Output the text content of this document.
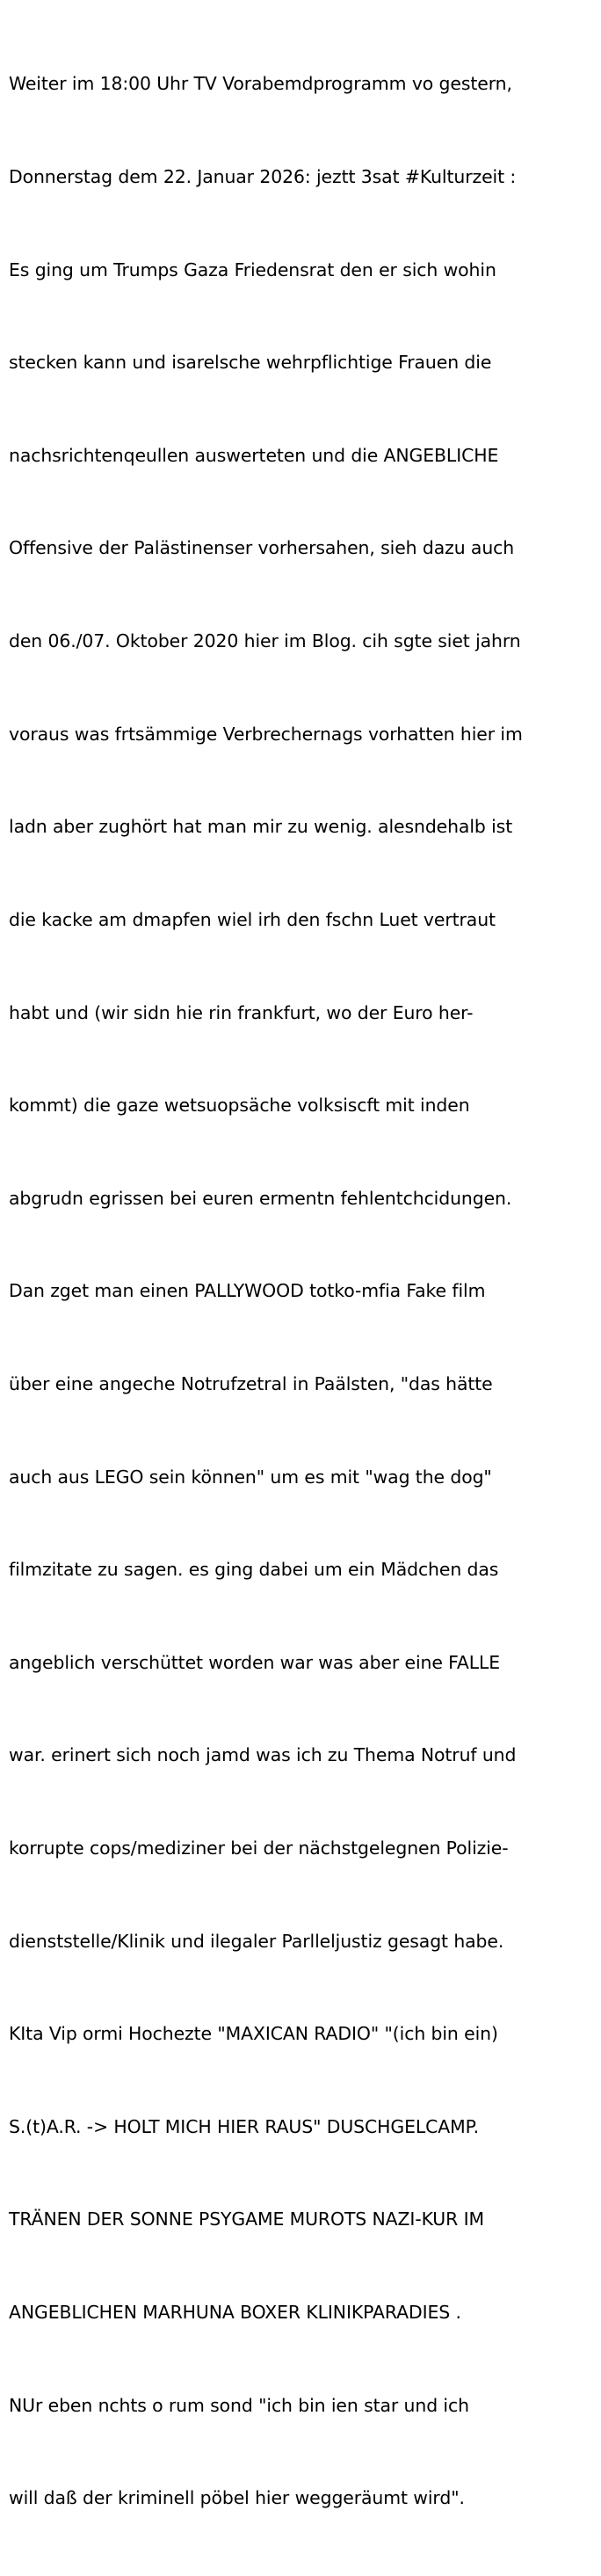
Weiter im 18:00 Uhr TV Vorabemdprogramm vo gestern,

Donnerstag dem 22. Januar 2026: jeztt 3sat #Kulturzeit :

Es ging um Trumps Gaza Friedensrat den er sich wohin

stecken kann und isarelsche wehrpflichtige Frauen die

nachsrichtenqeullen auswerteten und die ANGEBLICHE

Offensive der Palästinenser vorhersahen, sieh dazu auch

den 06./07. Oktober 2020 hier im Blog. cih sgte siet jahrn

voraus was frtsämmige Verbrechernags vorhatten hier im

ladn aber zughört hat man mir zu wenig. alesndehalb ist

die kacke am dmapfen wiel irh den fschn Luet vertraut

habt und (wir sidn hie rin frankfurt, wo der Euro her-

kommt) die gaze wetsuopsäche volksiscft mit inden

abgrudn egrissen bei euren ermentn fehlentchcidungen.

Dan zget man einen PALLYWOOD totko-mfia Fake film

über eine angeche Notrufzetral in Paälsten, "das hätte

auch aus LEGO sein können" um es mit "wag the dog"

filmzitate zu sagen. es ging dabei um ein Mädchen das

angeblich verschüttet worden war was aber eine FALLE

war. erinert sich noch jamd was ich zu Thema Notruf und

korrupte cops/mediziner bei der nächstgelegnen Polizie-

dienststelle/Klinik und ilegaler Parlleljustiz gesagt habe.

KIta Vip ormi Hochezte "MAXICAN RADIO" "(ich bin ein)

S.(t)A.R. -> HOLT MICH HIER RAUS" DUSCHGELCAMP.

TRÄNEN DER SONNE PSYGAME MUROTS NAZI-KUR IM

ANGEBLICHEN MARHUNA BOXER KLINIKPARADIES .

NUr eben nchts o rum sond "ich bin ien star und ich

will daß der kriminell pöbel hier weggeräumt wird".
